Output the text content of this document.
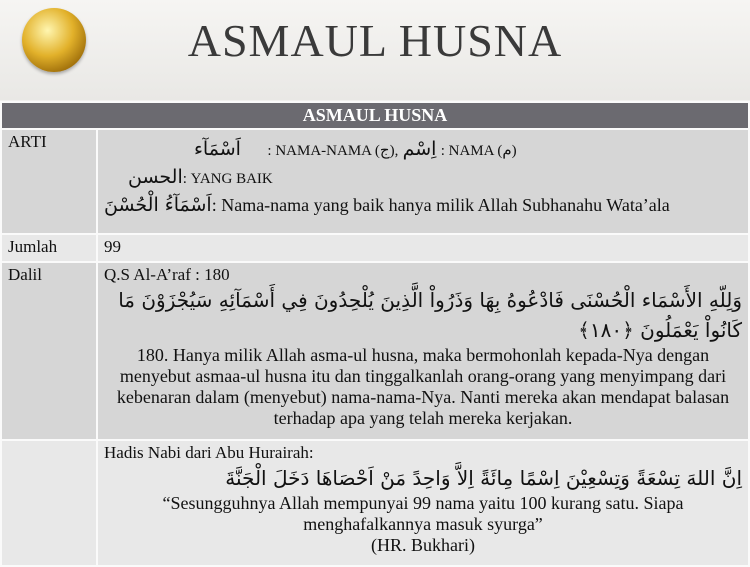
ASMAUL HUSNA
ASMAUL HUSNA	
ARTI	اَسْمَآء : NAMA-NAMA (ج), اِسْم : NAMA (م)
الحسن: YANG BAIK
اَسْمَآءُ الْحُسْنَ: Nama-nama yang baik hanya milik Allah Subhanahu Wata’ala

Jumlah	99
Dalil	Q.S Al-A’raf : 180
وَلِلّهِ الأَسْمَاء الْحُسْنَى فَادْعُوهُ بِهَا وَذَرُواْ الَّذِينَ يُلْحِدُونَ فِي أَسْمَآئِهِ سَيُجْزَوْنَ مَا كَانُواْ يَعْمَلُونَ ﴿١٨٠﴾
180. Hanya milik Allah asma-ul husna, maka bermohonlah kepada-Nya dengan menyebut asmaa-ul husna itu dan tinggalkanlah orang-orang yang menyimpang dari kebenaran dalam (menyebut) nama-nama-Nya. Nanti mereka akan mendapat balasan terhadap apa yang telah mereka kerjakan.

	Hadis Nabi dari Abu Hurairah:
اِنَّ اللهَ تِسْعَةً وَتِسْعِيْنَ اِسْمًا مِائَةً اِلاَّ وَاحِدً مَنْ اَحْصَاهَا دَخَلَ الْجَنَّةَ
“Sesungguhnya Allah mempunyai 99 nama yaitu 100 kurang satu. Siapa menghafalkannya masuk syurga”
(HR. Bukhari)
